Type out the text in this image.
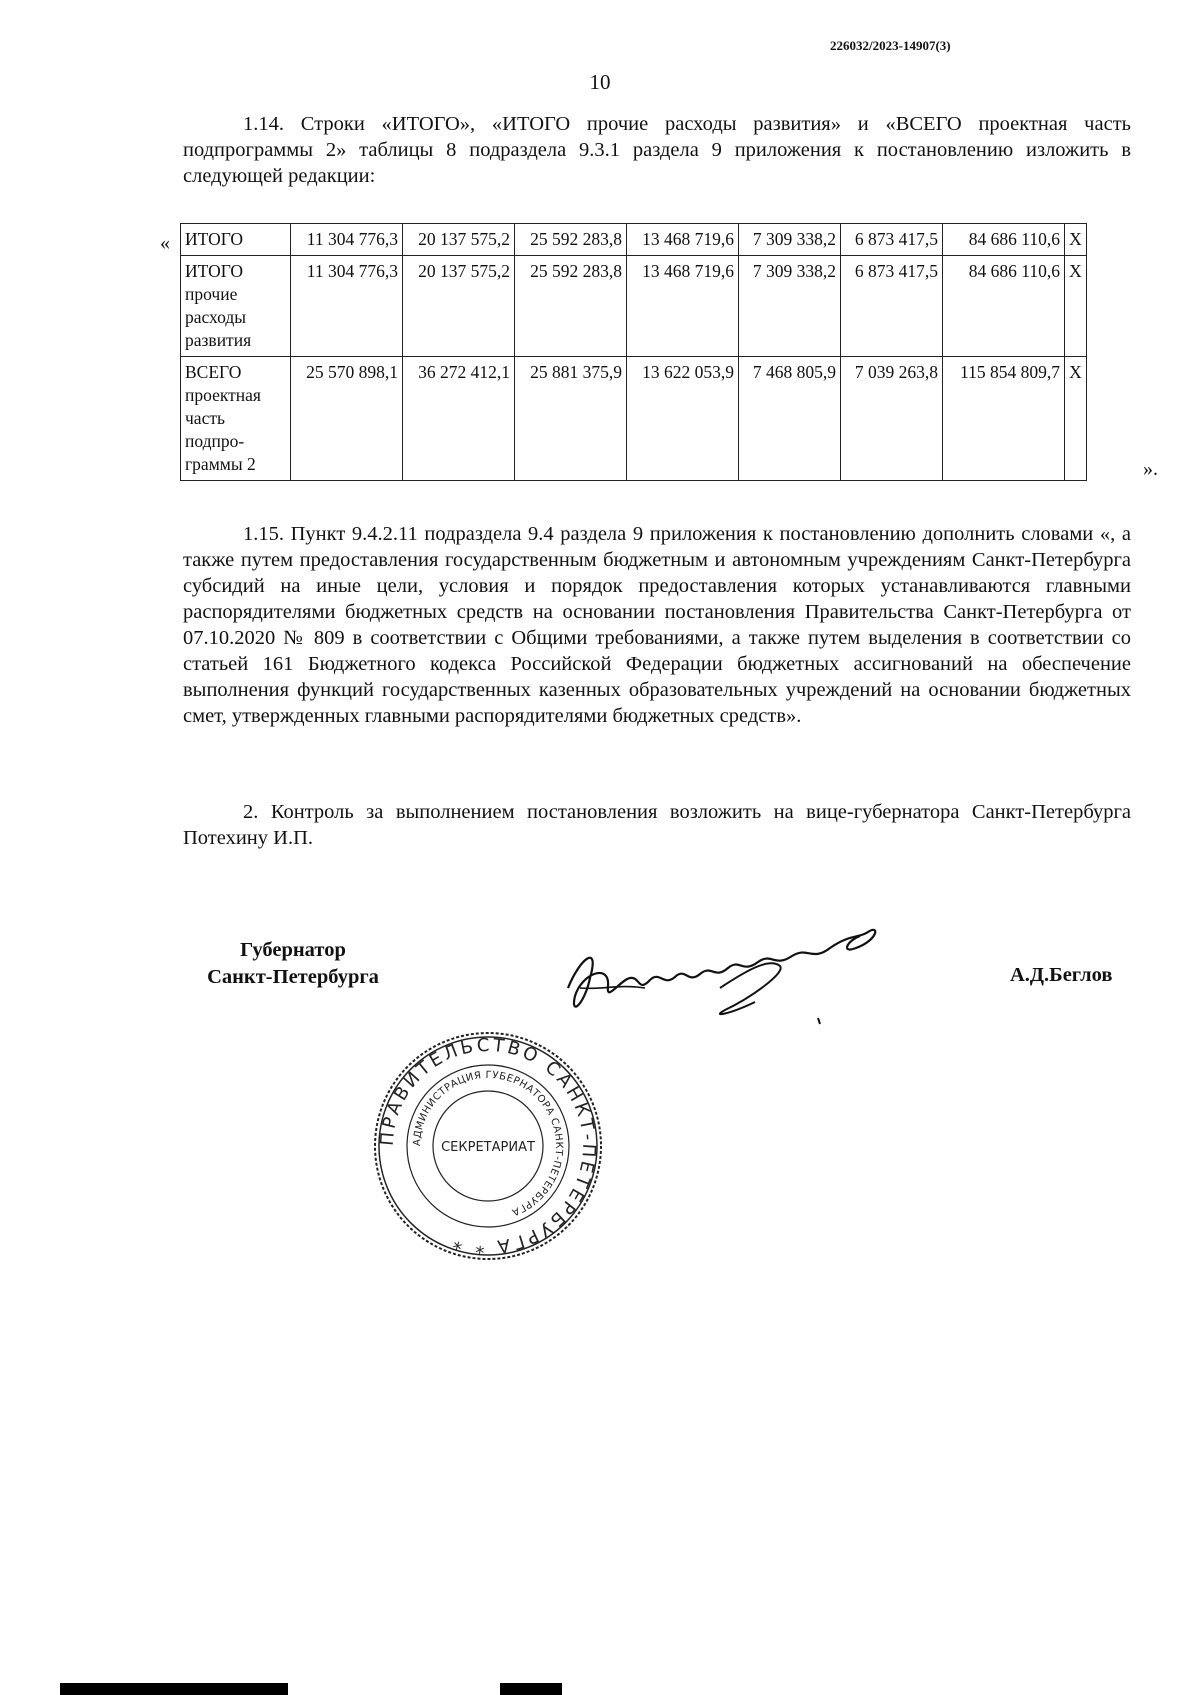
226032/2023-14907(3)
10

1.14. Строки «ИТОГО», «ИТОГО прочие расходы развития» и «ВСЕГО проектная часть подпрограммы 2» таблицы 8 подраздела 9.3.1 раздела 9 приложения к постановлению изложить в следующей редакции:

« ИТОГО	11 304 776,3	20 137 575,2	25 592 283,8	13 468 719,6	7 309 338,2	6 873 417,5	84 686 110,6	X
ИТОГО прочие расходы развития	11 304 776,3	20 137 575,2	25 592 283,8	13 468 719,6	7 309 338,2	6 873 417,5	84 686 110,6	X
ВСЕГО проектная часть подпро-граммы 2	25 570 898,1	36 272 412,1	25 881 375,9	13 622 053,9	7 468 805,9	7 039 263,8	115 854 809,7	X
».

1.15. Пункт 9.4.2.11 подраздела 9.4 раздела 9 приложения к постановлению дополнить словами «, а также путем предоставления государственным бюджетным и автономным учреждениям Санкт-Петербурга субсидий на иные цели, условия и порядок предоставления которых устанавливаются главными распорядителями бюджетных средств на основании постановления Правительства Санкт-Петербурга от 07.10.2020 № 809 в соответствии с Общими требованиями, а также путем выделения в соответствии со статьей 161 Бюджетного кодекса Российской Федерации бюджетных ассигнований на обеспечение выполнения функций государственных казенных образовательных учреждений на основании бюджетных смет, утвержденных главными распорядителями бюджетных средств».

2. Контроль за выполнением постановления возложить на вице-губернатора Санкт-Петербурга Потехину И.П.

Губернатор
Санкт-Петербурга	А.Д.Беглов
ПРАВИТЕЛЬСТВО САНКТ-ПЕТЕРБУРГА * *
АДМИНИСТРАЦИЯ ГУБЕРНАТОРА САНКТ-ПЕТЕРБУРГА
СЕКРЕТАРИАТ
